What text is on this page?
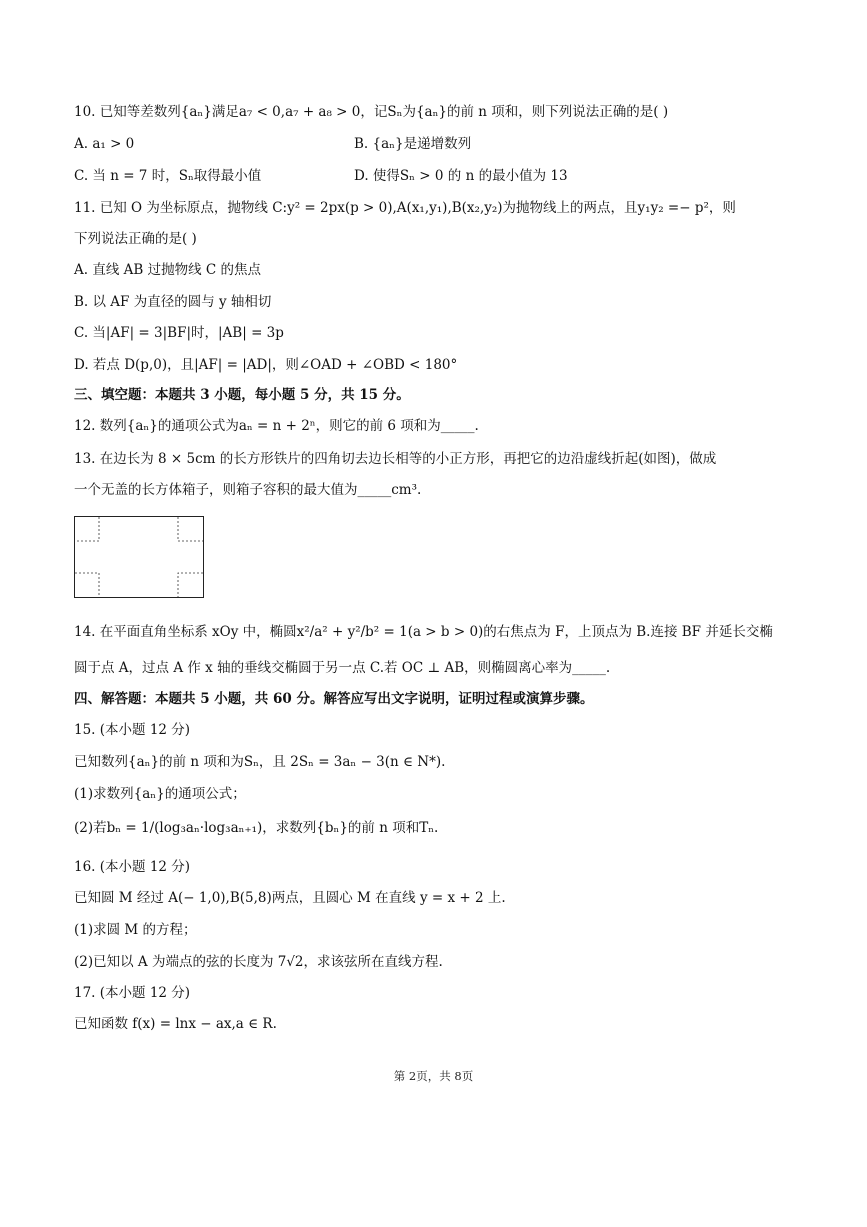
10. 已知等差数列{aₙ}满足a₇ < 0,a₇ + a₈ > 0，记Sₙ为{aₙ}的前 n 项和，则下列说法正确的是( )
A. a₁ > 0	B. {aₙ}是递增数列
C. 当 n = 7 时，Sₙ取得最小值	D. 使得Sₙ > 0 的 n 的最小值为 13
11. 已知 O 为坐标原点，抛物线 C:y² = 2px(p > 0),A(x₁,y₁),B(x₂,y₂)为抛物线上的两点，且y₁y₂ =− p²，则
下列说法正确的是( )
A. 直线 AB 过抛物线 C 的焦点
B. 以 AF 为直径的圆与 y 轴相切
C. 当|AF| = 3|BF|时，|AB| = 3p
D. 若点 D(p,0)，且|AF| = |AD|，则∠OAD + ∠OBD < 180°
三、填空题：本题共 3 小题，每小题 5 分，共 15 分。
12. 数列{aₙ}的通项公式为aₙ = n + 2ⁿ，则它的前 6 项和为_____.
13. 在边长为 8 × 5cm 的长方形铁片的四角切去边长相等的小正方形，再把它的边沿虚线折起(如图)，做成
一个无盖的长方体箱子，则箱子容积的最大值为_____cm³.
14. 在平面直角坐标系 xOy 中，椭圆x²/a² + y²/b² = 1(a > b > 0)的右焦点为 F，上顶点为 B.连接 BF 并延长交椭
圆于点 A，过点 A 作 x 轴的垂线交椭圆于另一点 C.若 OC ⊥ AB，则椭圆离心率为_____.
四、解答题：本题共 5 小题，共 60 分。解答应写出文字说明，证明过程或演算步骤。
15. (本小题 12 分)
已知数列{aₙ}的前 n 项和为Sₙ，且 2Sₙ = 3aₙ − 3(n ∈ N*).
(1)求数列{aₙ}的通项公式；
(2)若bₙ = 1/(log₃aₙ·log₃aₙ₊₁)，求数列{bₙ}的前 n 项和Tₙ.
16. (本小题 12 分)
已知圆 M 经过 A(− 1,0),B(5,8)两点，且圆心 M 在直线 y = x + 2 上.
(1)求圆 M 的方程；
(2)已知以 A 为端点的弦的长度为 7√2，求该弦所在直线方程.
17. (本小题 12 分)
已知函数 f(x) = lnx − ax,a ∈ R.
第 2页，共 8页
